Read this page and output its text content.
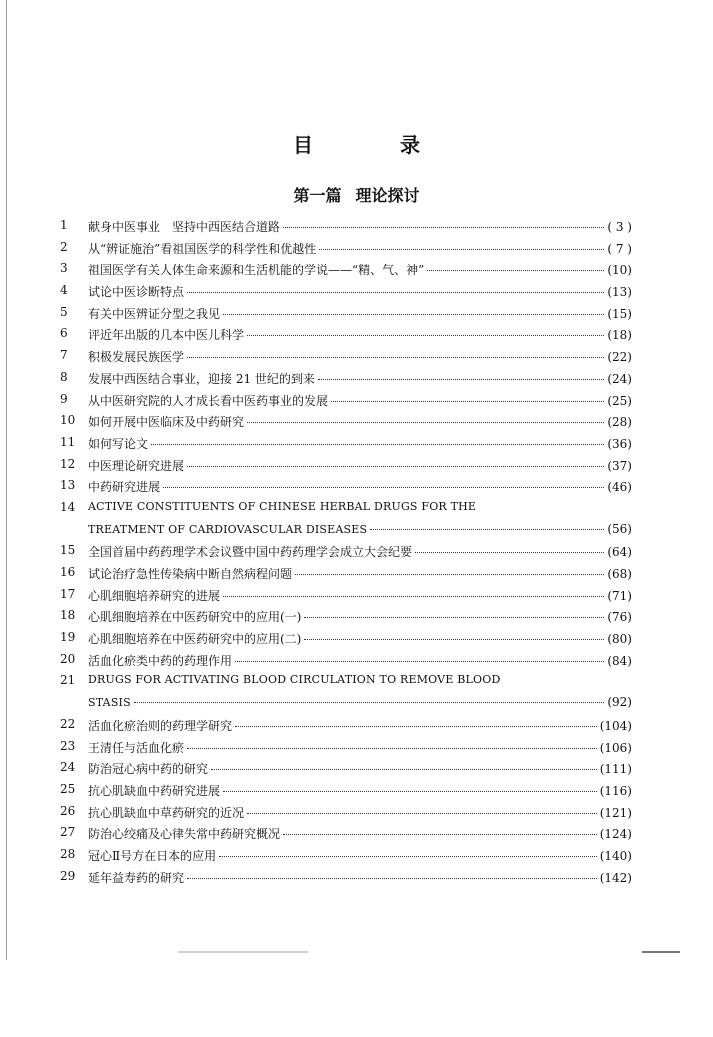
目 录
第一篇 理论探讨
1	献身中医事业　坚持中西医结合道路	( 3 )
2	从“辨证施治”看祖国医学的科学性和优越性	( 7 )
3	祖国医学有关人体生命来源和生活机能的学说——“精、气、神”	(10)
4	试论中医诊断特点	(13)
5	有关中医辨证分型之我见	(15)
6	评近年出版的几本中医儿科学	(18)
7	积极发展民族医学	(22)
8	发展中西医结合事业，迎接 21 世纪的到来	(24)
9	从中医研究院的人才成长看中医药事业的发展	(25)
10	如何开展中医临床及中药研究	(28)
11	如何写论文	(36)
12	中医理论研究进展	(37)
13	中药研究进展	(46)
14	ACTIVE CONSTITUENTS OF CHINESE HERBAL DRUGS FOR THE
TREATMENT OF CARDIOVASCULAR DISEASES	(56)
15	全国首届中药药理学术会议暨中国中药药理学会成立大会纪要	(64)
16	试论治疗急性传染病中断自然病程问题	(68)
17	心肌细胞培养研究的进展	(71)
18	心肌细胞培养在中医药研究中的应用(一)	(76)
19	心肌细胞培养在中医药研究中的应用(二)	(80)
20	活血化瘀类中药的药理作用	(84)
21	DRUGS FOR ACTIVATING BLOOD CIRCULATION TO REMOVE BLOOD
STASIS	(92)
22	活血化瘀治则的药理学研究	(104)
23	王清任与活血化瘀	(106)
24	防治冠心病中药的研究	(111)
25	抗心肌缺血中药研究进展	(116)
26	抗心肌缺血中草药研究的近况	(121)
27	防治心绞痛及心律失常中药研究概况	(124)
28	冠心Ⅱ号方在日本的应用	(140)
29	延年益寿药的研究	(142)
